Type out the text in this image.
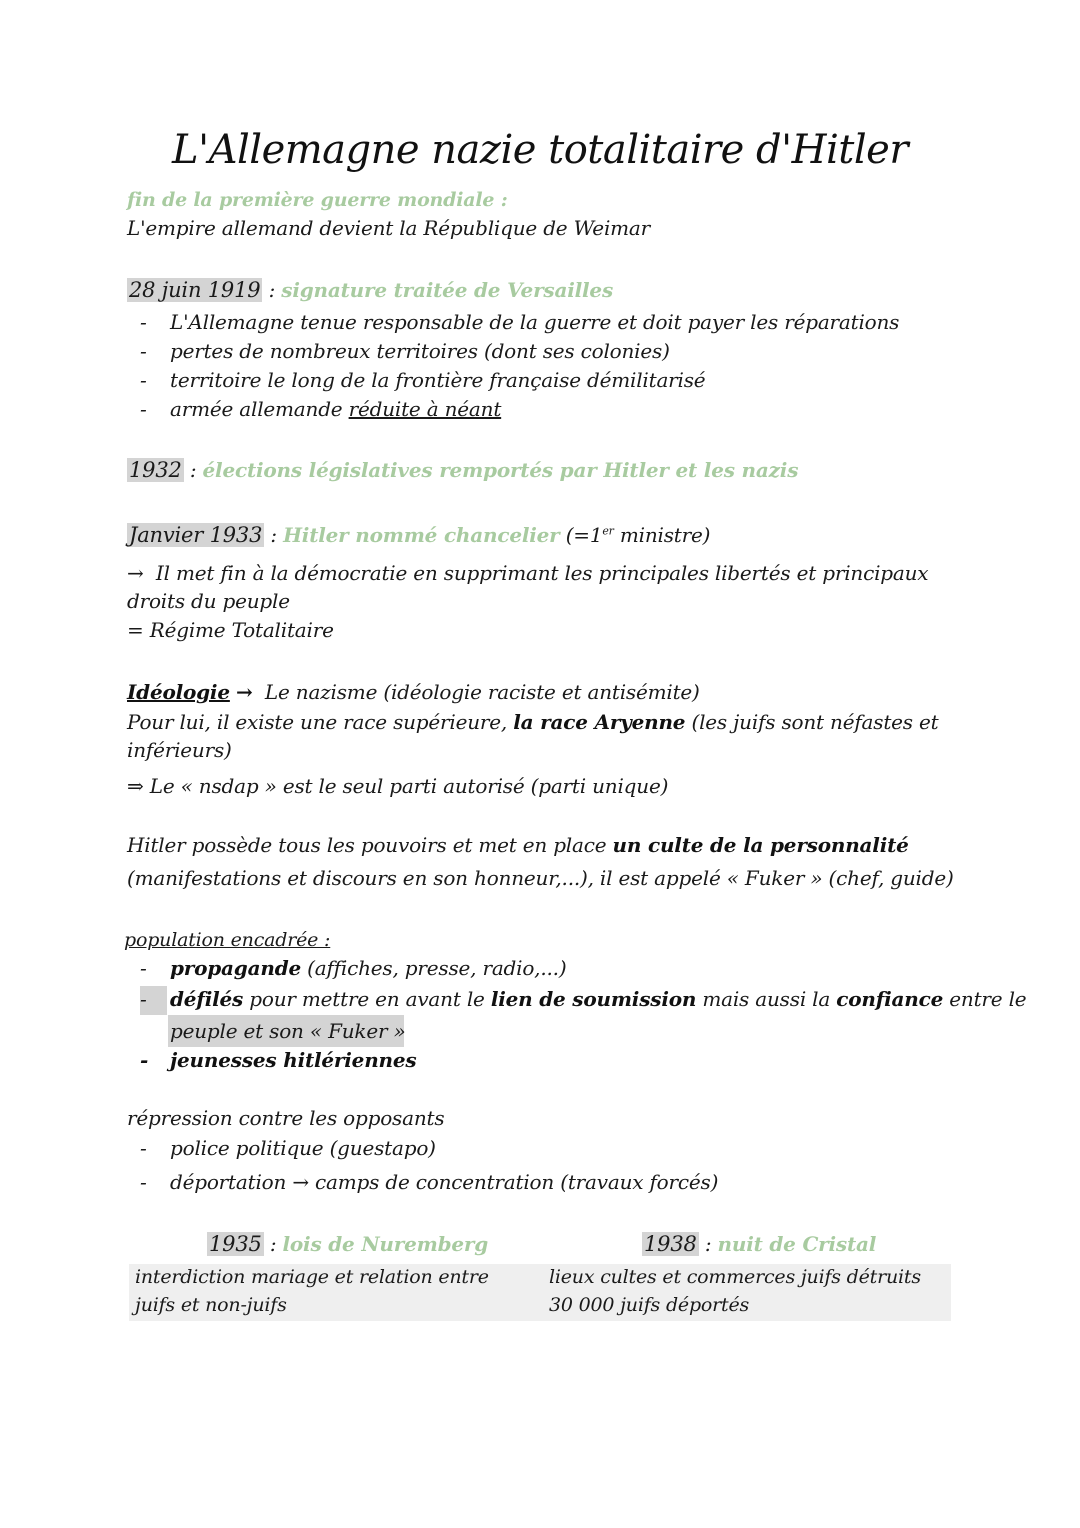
L'Allemagne nazie totalitaire d'Hitler
fin de la première guerre mondiale :
L'empire allemand devient la République de Weimar
28 juin 1919 : signature traitée de Versailles
- L'Allemagne tenue responsable de la guerre et doit payer les réparations
- pertes de nombreux territoires (dont ses colonies)
- territoire le long de la frontière française démilitarisé
- armée allemande réduite à néant
1932 : élections législatives remportés par Hitler et les nazis
Janvier 1933 : Hitler nommé chancelier (=1er ministre)
→ Il met fin à la démocratie en supprimant les principales libertés et principaux
droits du peuple
= Régime Totalitaire
Idéologie → Le nazisme (idéologie raciste et antisémite)
Pour lui, il existe une race supérieure, la race Aryenne (les juifs sont néfastes et
inférieurs)
⇒ Le « nsdap » est le seul parti autorisé (parti unique)
Hitler possède tous les pouvoirs et met en place un culte de la personnalité
(manifestations et discours en son honneur,...), il est appelé « Fuker » (chef, guide)
population encadrée :
- propagande (affiches, presse, radio,...)
- défilés pour mettre en avant le lien de soumission mais aussi la confiance entre le
peuple et son « Fuker »
- jeunesses hitlériennes
répression contre les opposants
- police politique (guestapo)
- déportation → camps de concentration (travaux forcés)
1935 : lois de Nuremberg	1938 : nuit de Cristal
interdiction mariage et relation entre
juifs et non-juifs
lieux cultes et commerces juifs détruits
30 000 juifs déportés
